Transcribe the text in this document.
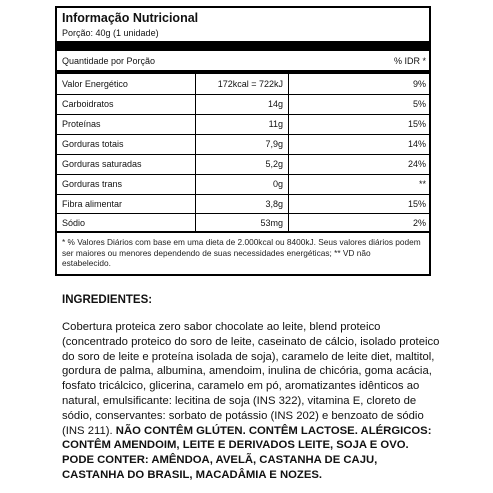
Informação Nutricional
Porção: 40g (1 unidade)
Quantidade por Porção	% IDR *
Valor Energético	172kcal = 722kJ	9%
Carboidratos	14g	5%
Proteínas	11g	15%
Gorduras totais	7,9g	14%
Gorduras saturadas	5,2g	24%
Gorduras trans	0g	**
Fibra alimentar	3,8g	15%
Sódio	53mg	2%
* % Valores Diários com base em uma dieta de 2.000kcal ou 8400kJ. Seus valores diários podem ser maiores ou menores dependendo de suas necessidades energéticas; ** VD não estabelecido.
INGREDIENTES:
Cobertura proteica zero sabor chocolate ao leite, blend proteico (concentrado proteico do soro de leite, caseinato de cálcio, isolado proteico do soro de leite e proteína isolada de soja), caramelo de leite diet, maltitol, gordura de palma, albumina, amendoim, inulina de chicória, goma acácia, fosfato tricálcico, glicerina, caramelo em pó, aromatizantes idênticos ao natural, emulsificante: lecitina de soja (INS 322), vitamina E, cloreto de sódio, conservantes: sorbato de potássio (INS 202) e benzoato de sódio (INS 211). NÃO CONTÊM GLÚTEN. CONTÊM LACTOSE. ALÉRGICOS: CONTÊM AMENDOIM, LEITE E DERIVADOS LEITE, SOJA E OVO. PODE CONTER: AMÊNDOA, AVELÃ, CASTANHA DE CAJU, CASTANHA DO BRASIL, MACADÂMIA E NOZES.
